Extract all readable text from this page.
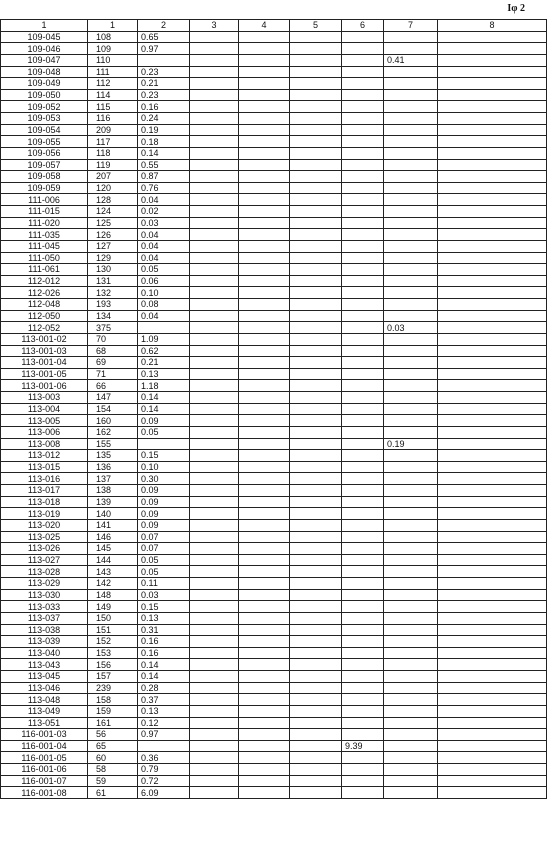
Ιφ 2
1	1	2	3	4	5	6	7	8
109-045	108	0.65						
109-046	109	0.97						
109-047	110						0.41	
109-048	111	0.23						
109-049	112	0.21						
109-050	114	0.23						
109-052	115	0.16						
109-053	116	0.24						
109-054	209	0.19						
109-055	117	0.18						
109-056	118	0.14						
109-057	119	0.55						
109-058	207	0.87						
109-059	120	0.76						
111-006	128	0.04						
111-015	124	0.02						
111-020	125	0.03						
111-035	126	0.04						
111-045	127	0.04						
111-050	129	0.04						
111-061	130	0.05						
112-012	131	0.06						
112-026	132	0.10						
112-048	193	0.08						
112-050	134	0.04						
112-052	375						0.03	
113-001-02	70	1.09						
113-001-03	68	0.62						
113-001-04	69	0.21						
113-001-05	71	0.13						
113-001-06	66	1.18						
113-003	147	0.14						
113-004	154	0.14						
113-005	160	0.09						
113-006	162	0.05						
113-008	155						0.19	
113-012	135	0.15						
113-015	136	0.10						
113-016	137	0.30						
113-017	138	0.09						
113-018	139	0.09						
113-019	140	0.09						
113-020	141	0.09						
113-025	146	0.07						
113-026	145	0.07						
113-027	144	0.05						
113-028	143	0.05						
113-029	142	0.11						
113-030	148	0.03						
113-033	149	0.15						
113-037	150	0.13						
113-038	151	0.31						
113-039	152	0.16						
113-040	153	0.16						
113-043	156	0.14						
113-045	157	0.14						
113-046	239	0.28						
113-048	158	0.37						
113-049	159	0.13						
113-051	161	0.12						
116-001-03	56	0.97						
116-001-04	65					9.39		
116-001-05	60	0.36						
116-001-06	58	0.79						
116-001-07	59	0.72						
116-001-08	61	6.09						
